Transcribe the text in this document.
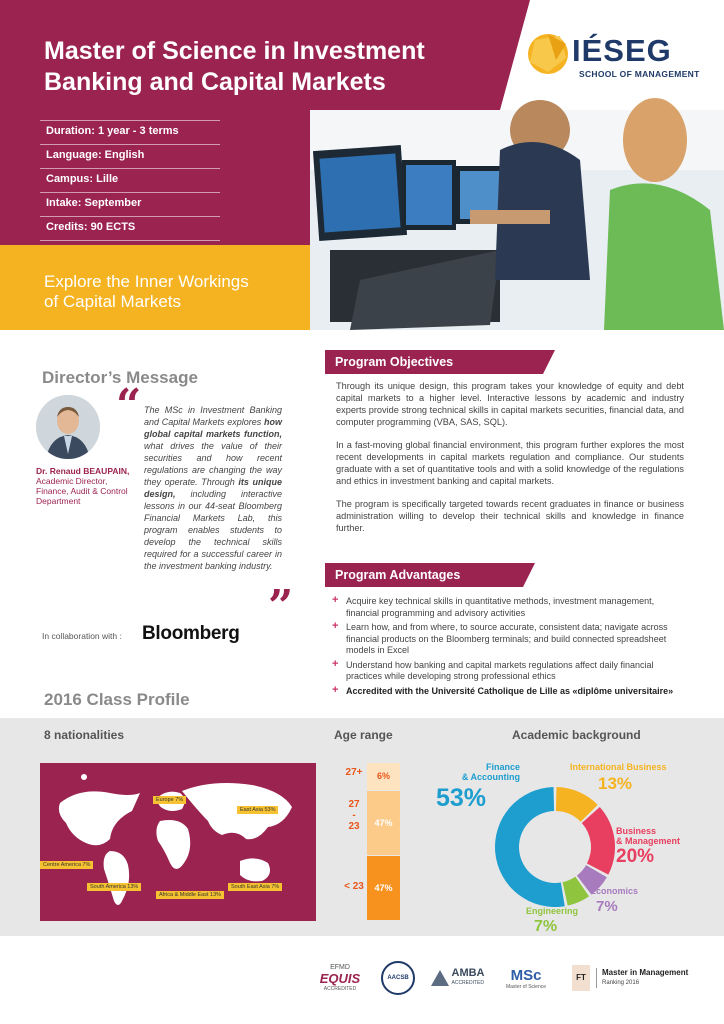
Master of Science in Investment
Banking and Capital Markets
IÉSEG
SCHOOL OF MANAGEMENT
Duration: 1 year - 3 terms
Language: English
Campus: Lille
Intake: September
Credits: 90 ECTS
Explore the Inner Workings
of Capital Markets
Director’s Message
Dr. Renaud BEAUPAIN,
Academic Director, Finance, Audit & Control Department
“ The MSc in Investment Banking and Capital Markets explores how global capital markets function, what drives the value of their securities and how recent regulations are changing the way they operate. Through its unique design, including interactive lessons in our 44-seat Bloomberg Financial Markets Lab, this program enables students to develop the technical skills required for a successful career in the investment banking industry.
”
In collaboration with : Bloomberg
Program Objectives

Through its unique design, this program takes your knowledge of equity and debt capital markets to a higher level. Interactive lessons by academic and industry experts provide strong technical skills in capital markets securities, financial data, and computer programming (VBA, SAS, SQL).

In a fast-moving global financial environment, this program further explores the most recent developments in capital markets regulation and compliance. Our students graduate with a set of quantitative tools and with a solid knowledge of the regulations and ethics in investment banking and capital markets.

The program is specifically targeted towards recent graduates in finance or business administration willing to develop their technical skills and knowledge in finance further.

Program Advantages
+ Acquire key technical skills in quantitative methods, investment management, financial programming and advisory activities
+ Learn how, and from where, to source accurate, consistent data; navigate across financial products on the Bloomberg terminals; and build connected spreadsheet models in Excel
+ Understand how banking and capital markets regulations affect daily financial practices while developing strong professional ethics
+ Accredited with the Université Catholique de Lille as «diplôme universitaire»
2016 Class Profile
8 nationalities	Age range	Academic background
Europe 7%
East Asia 53%
Centre America 7%
South America 13%
Africa & Middle East 13%
South East Asia 7%
6%
47%
47%
27+
27
-
23
< 23
Finance
& Accounting
53%
International Business
13%
Business
& Management
20%
Economics
7%
Engineering
7%
EFMD
EQUIS
ACCREDITED
AACSB	AMBA
ACCREDITED MSc
Master of Science
FT
Master in Management
Ranking 2016
